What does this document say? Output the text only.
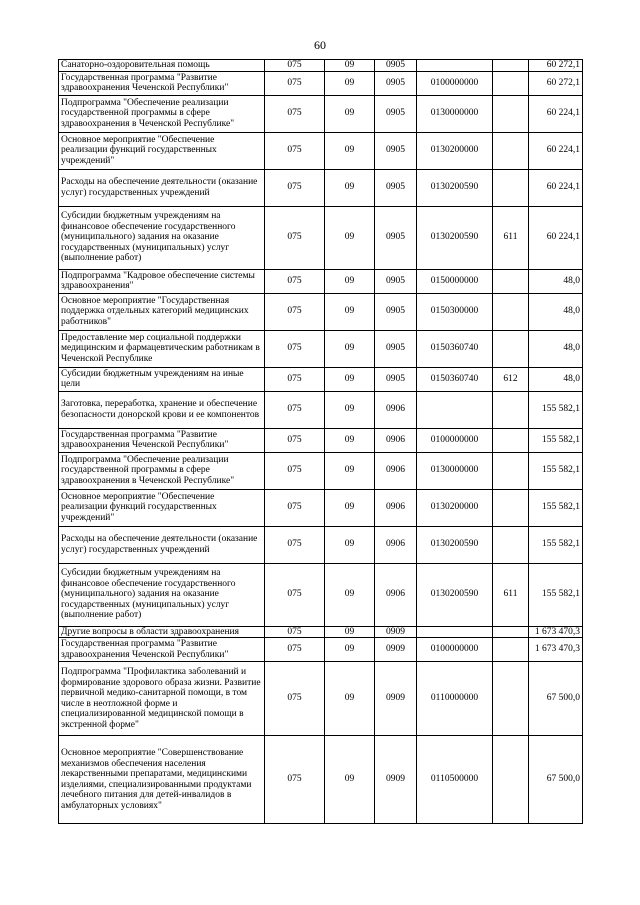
60
Санаторно-оздоровительная помощь	075	09	0905			60 272,1
Государственная программа "Развитие здравоохранения Чеченской Республики"	075	09	0905	0100000000		60 272,1
Подпрограмма "Обеспечение реализации государственной программы в сфере здравоохранения в Чеченской Республике"	075	09	0905	0130000000		60 224,1
Основное мероприятие "Обеспечение реализации функций государственных учреждений"	075	09	0905	0130200000		60 224,1
Расходы на обеспечение деятельности (оказание услуг) государственных учреждений	075	09	0905	0130200590		60 224,1
Субсидии бюджетным учреждениям на финансовое обеспечение государственного (муниципального) задания на оказание государственных (муниципальных) услуг (выполнение работ)	075	09	0905	0130200590	611	60 224,1
Подпрограмма "Кадровое обеспечение системы здравоохранения"	075	09	0905	0150000000		48,0
Основное мероприятие "Государственная поддержка отдельных категорий медицинских работников"	075	09	0905	0150300000		48,0
Предоставление мер социальной поддержки медицинским и фармацевтическим работникам в Чеченской Республике	075	09	0905	0150360740		48,0
Субсидии бюджетным учреждениям на иные цели	075	09	0905	0150360740	612	48,0
Заготовка, переработка, хранение и обеспечение безопасности донорской крови и ее компонентов	075	09	0906			155 582,1
Государственная программа "Развитие здравоохранения Чеченской Республики"	075	09	0906	0100000000		155 582,1
Подпрограмма "Обеспечение реализации государственной программы в сфере здравоохранения в Чеченской Республике"	075	09	0906	0130000000		155 582,1
Основное мероприятие "Обеспечение реализации функций государственных учреждений"	075	09	0906	0130200000		155 582,1
Расходы на обеспечение деятельности (оказание услуг) государственных учреждений	075	09	0906	0130200590		155 582,1
Субсидии бюджетным учреждениям на финансовое обеспечение государственного (муниципального) задания на оказание государственных (муниципальных) услуг (выполнение работ)	075	09	0906	0130200590	611	155 582,1
Другие вопросы в области здравоохранения	075	09	0909			1 673 470,3
Государственная программа "Развитие здравоохранения Чеченской Республики"	075	09	0909	0100000000		1 673 470,3
Подпрограмма "Профилактика заболеваний и формирование здорового образа жизни. Развитие первичной медико-санитарной помощи, в том числе в неотложной форме и специализированной медицинской помощи в экстренной форме"	075	09	0909	0110000000		67 500,0
Основное мероприятие "Совершенствование механизмов обеспечения населения лекарственными препаратами, медицинскими изделиями, специализированными продуктами лечебного питания для детей-инвалидов в амбулаторных условиях"	075	09	0909	0110500000		67 500,0
